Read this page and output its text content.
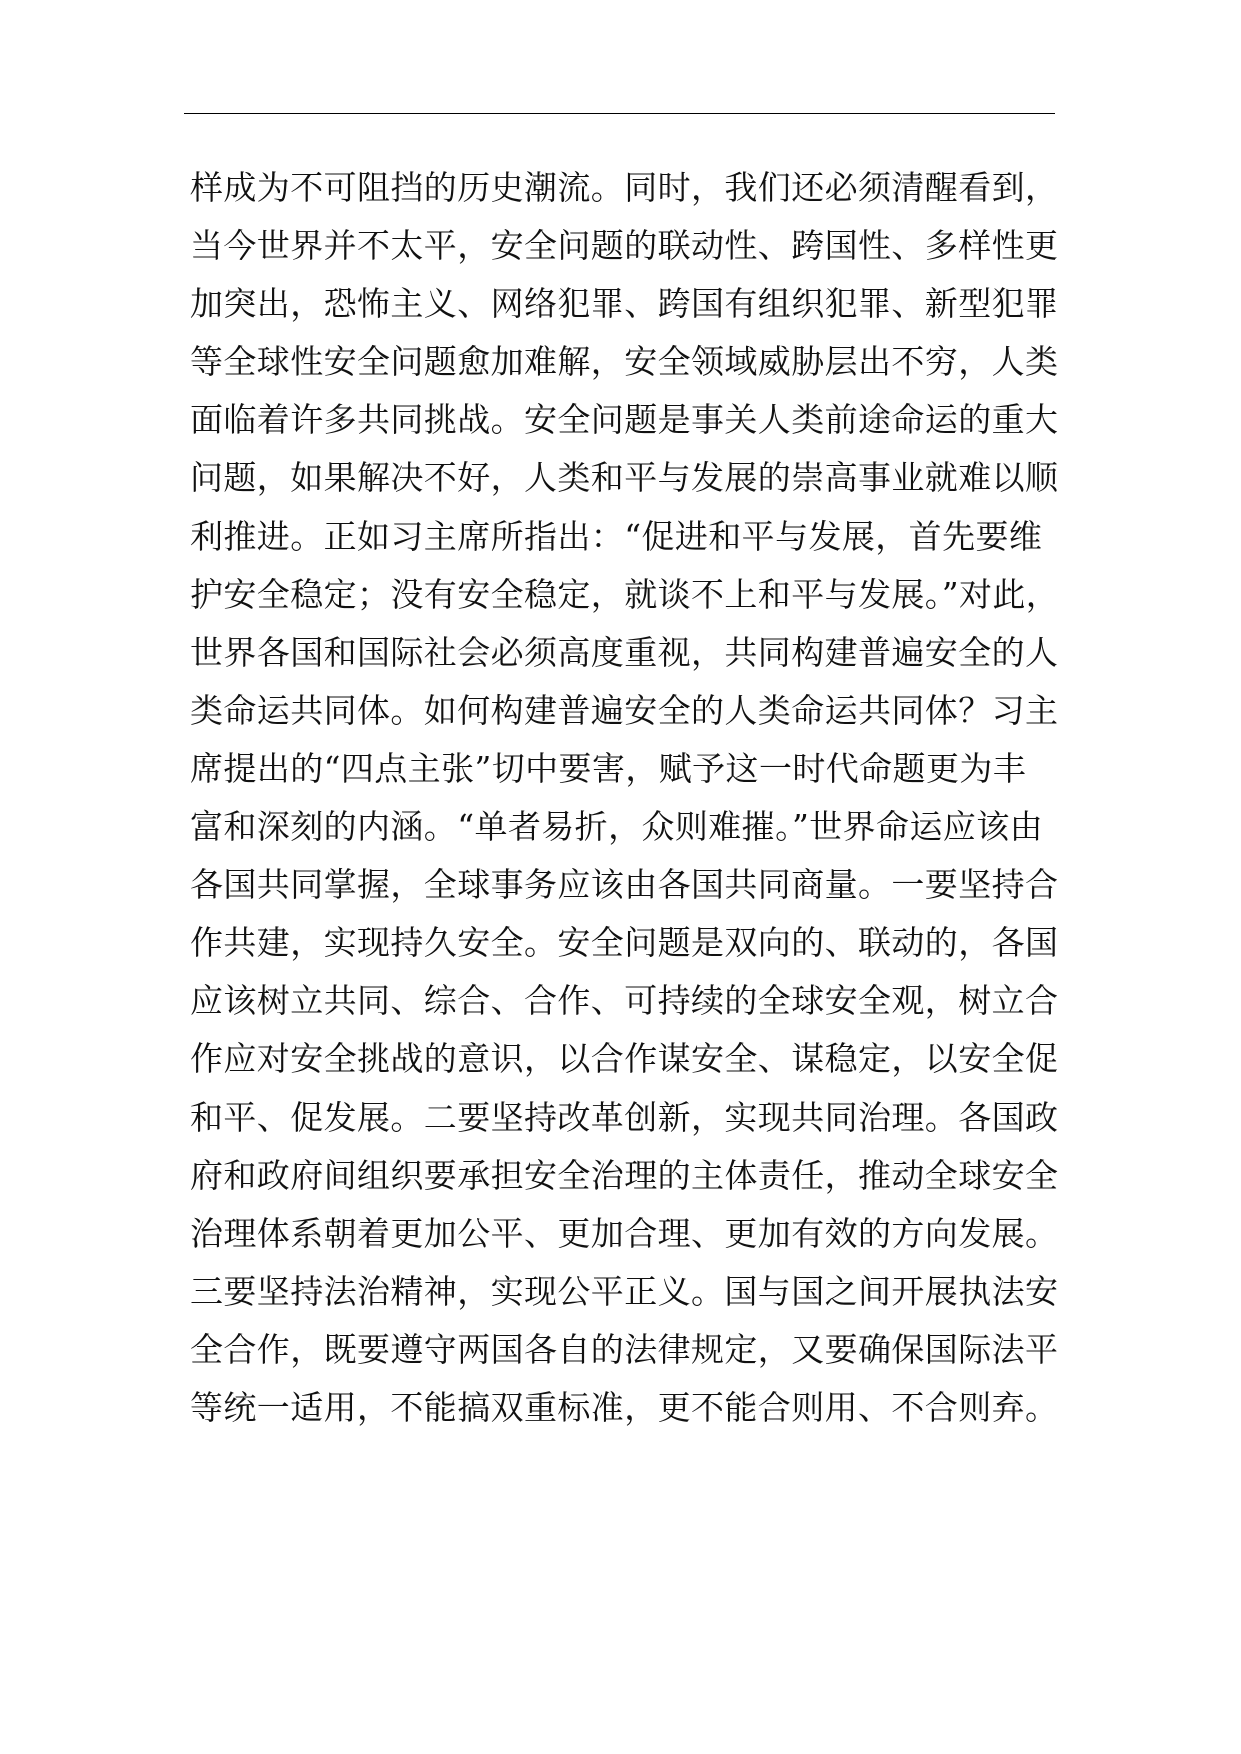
样成为不可阻挡的历史潮流。同时，我们还必须清醒看到，
当今世界并不太平，安全问题的联动性、跨国性、多样性更
加突出，恐怖主义、网络犯罪、跨国有组织犯罪、新型犯罪
等全球性安全问题愈加难解，安全领域威胁层出不穷，人类
面临着许多共同挑战。安全问题是事关人类前途命运的重大
问题，如果解决不好，人类和平与发展的崇高事业就难以顺
利推进。正如习主席所指出：“促进和平与发展，首先要维
护安全稳定；没有安全稳定，就谈不上和平与发展。”对此，
世界各国和国际社会必须高度重视，共同构建普遍安全的人
类命运共同体。如何构建普遍安全的人类命运共同体？习主
席提出的“四点主张”切中要害，赋予这一时代命题更为丰
富和深刻的内涵。“单者易折，众则难摧。”世界命运应该由
各国共同掌握，全球事务应该由各国共同商量。一要坚持合
作共建，实现持久安全。安全问题是双向的、联动的，各国
应该树立共同、综合、合作、可持续的全球安全观，树立合
作应对安全挑战的意识，以合作谋安全、谋稳定，以安全促
和平、促发展。二要坚持改革创新，实现共同治理。各国政
府和政府间组织要承担安全治理的主体责任，推动全球安全
治理体系朝着更加公平、更加合理、更加有效的方向发展。
三要坚持法治精神，实现公平正义。国与国之间开展执法安
全合作，既要遵守两国各自的法律规定，又要确保国际法平
等统一适用，不能搞双重标准，更不能合则用、不合则弃。
